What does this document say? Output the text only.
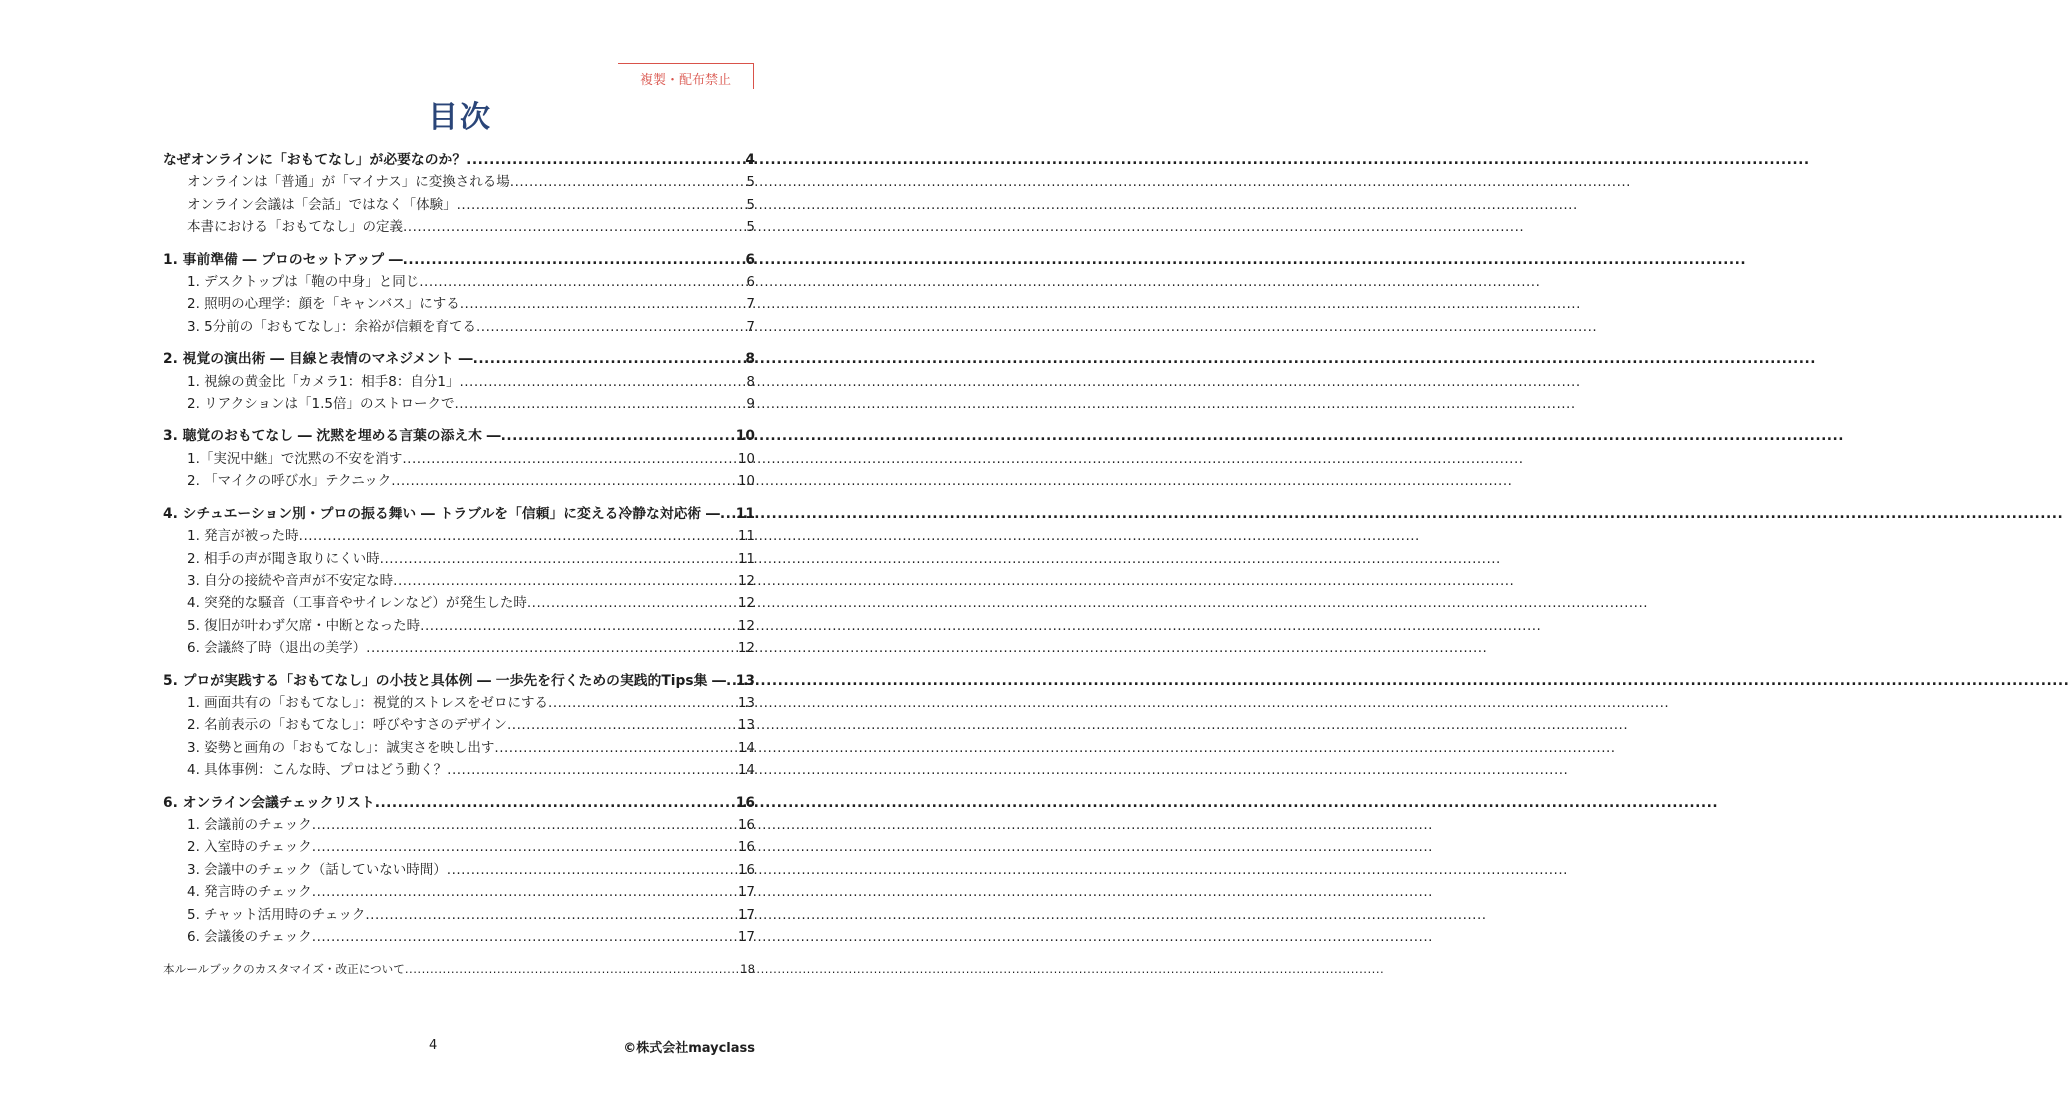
複製・配布禁止
目次
なぜオンラインに「おもてなし」が必要なのか？ .....	4
オンラインは「普通」が「マイナス」に変換される場 .....	5
オンライン会議は「会話」ではなく「体験」 .....	5
本書における「おもてなし」の定義 .....	5
1. 事前準備 ― プロのセットアップ ― .....	6
1. デスクトップは「鞄の中身」と同じ .....	6
2. 照明の心理学：顔を「キャンバス」にする .....	7
3. 5分前の「おもてなし」：余裕が信頼を育てる .....	7
2. 視覚の演出術 ― 目線と表情のマネジメント ― .....	8
1. 視線の黄金比「カメラ1：相手8：自分1」 .....	8
2. リアクションは「1.5倍」のストロークで .....	9
3. 聴覚のおもてなし ― 沈黙を埋める言葉の添え木 ― .....	10
1.「実況中継」で沈黙の不安を消す .....	10
2. 「マイクの呼び水」テクニック .....	10
4. シチュエーション別・プロの振る舞い ― トラブルを「信頼」に変える冷静な対応術 ― ..... 11
1. 発言が被った時 .....	11
2. 相手の声が聞き取りにくい時 .....	11
3. 自分の接続や音声が不安定な時 .....	12
4. 突発的な騒音（工事音やサイレンなど）が発生した時 .....	12
5. 復旧が叶わず欠席・中断となった時 .....	12
6. 会議終了時（退出の美学） .....	12
5. プロが実践する「おもてなし」の小技と具体例 ― 一歩先を行くための実践的Tips集 ― ..... 13
1. 画面共有の「おもてなし」：視覚的ストレスをゼロにする .....	13
2. 名前表示の「おもてなし」：呼びやすさのデザイン .....	13
3. 姿勢と画角の「おもてなし」：誠実さを映し出す .....	14
4. 具体事例：こんな時、プロはどう動く？ .....	14
6. オンライン会議チェックリスト .....	16
1. 会議前のチェック .....	16
2. 入室時のチェック .....	16
3. 会議中のチェック（話していない時間） .....	16
4. 発言時のチェック .....	17
5. チャット活用時のチェック .....	17
6. 会議後のチェック .....	17
本ルールブックのカスタマイズ・改正について .....	18
4	©株式会社mayclass
